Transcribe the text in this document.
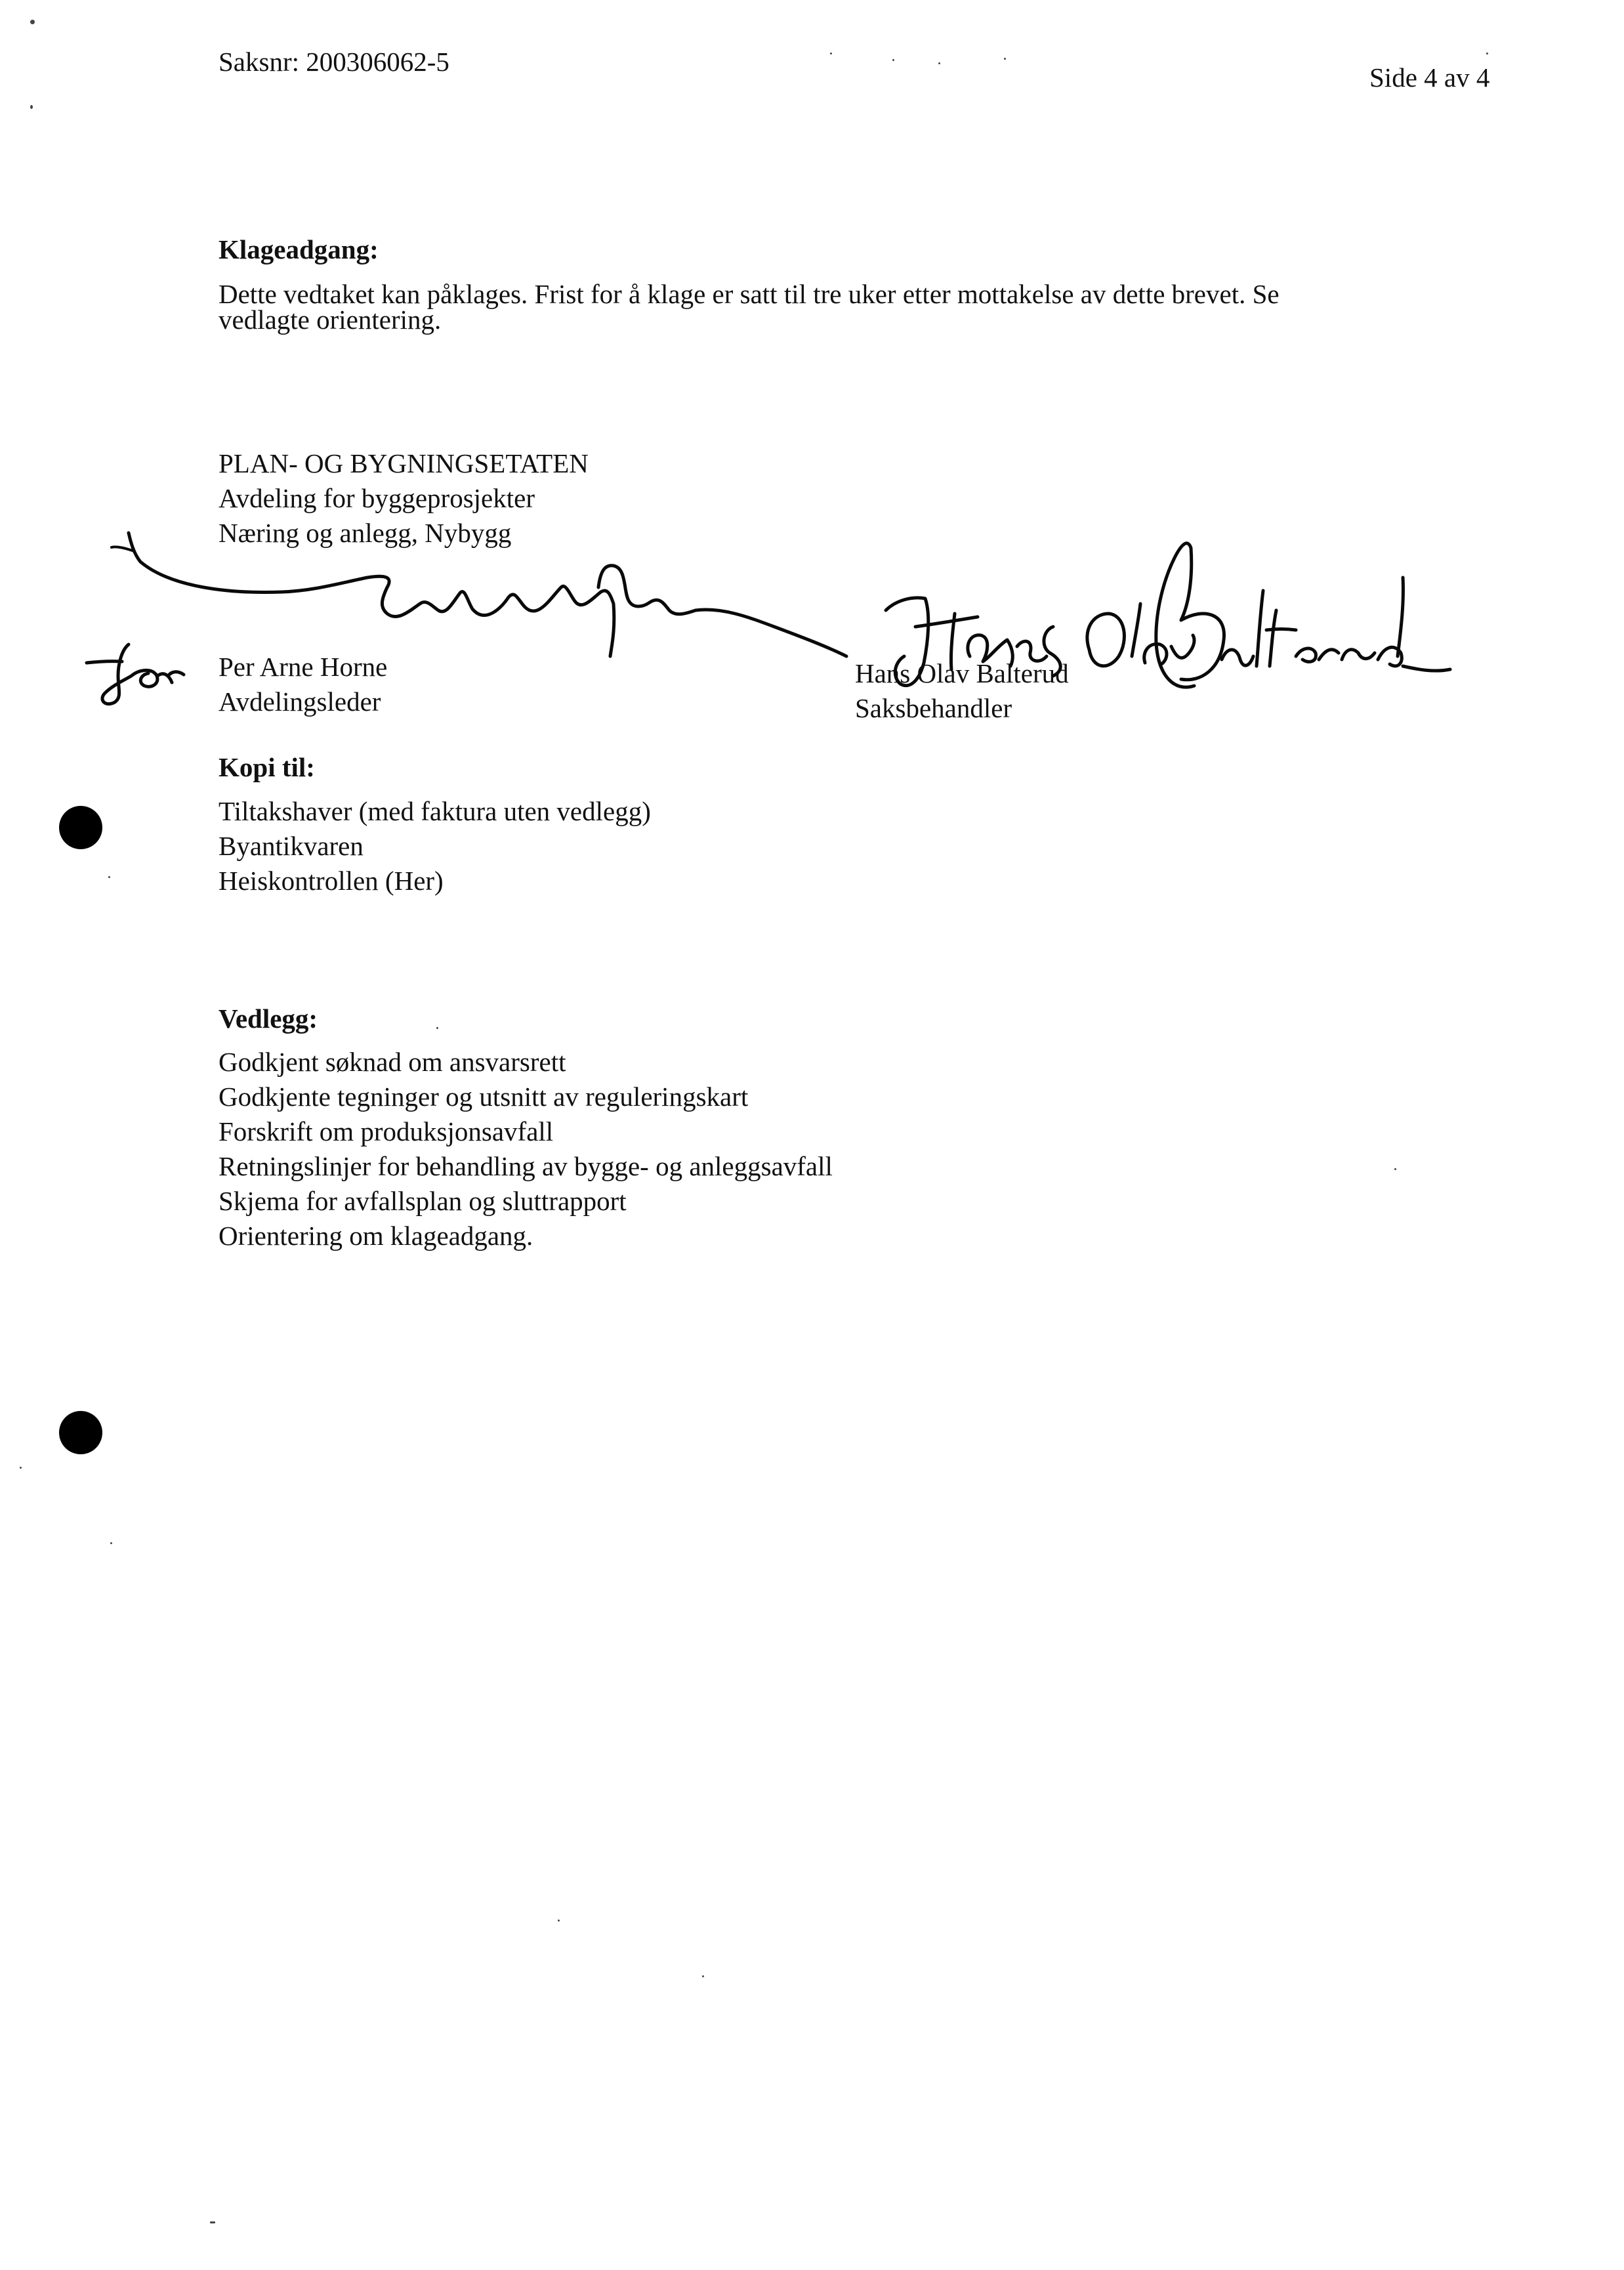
Saksnr: 200306062-5
Side 4 av 4
Klageadgang:
Dette vedtaket kan påklages. Frist for å klage er satt til tre uker etter mottakelse av dette brevet. Se
vedlagte orientering.
PLAN- OG BYGNINGSETATEN
Avdeling for byggeprosjekter
Næring og anlegg, Nybygg
Per Arne Horne
Avdelingsleder
Hans Olav Balterud
Saksbehandler
Kopi til:
Tiltakshaver (med faktura uten vedlegg)
Byantikvaren
Heiskontrollen (Her)
Vedlegg:
Godkjent søknad om ansvarsrett
Godkjente tegninger og utsnitt av reguleringskart
Forskrift om produksjonsavfall
Retningslinjer for behandling av bygge- og anleggsavfall
Skjema for avfallsplan og sluttrapport
Orientering om klageadgang.
